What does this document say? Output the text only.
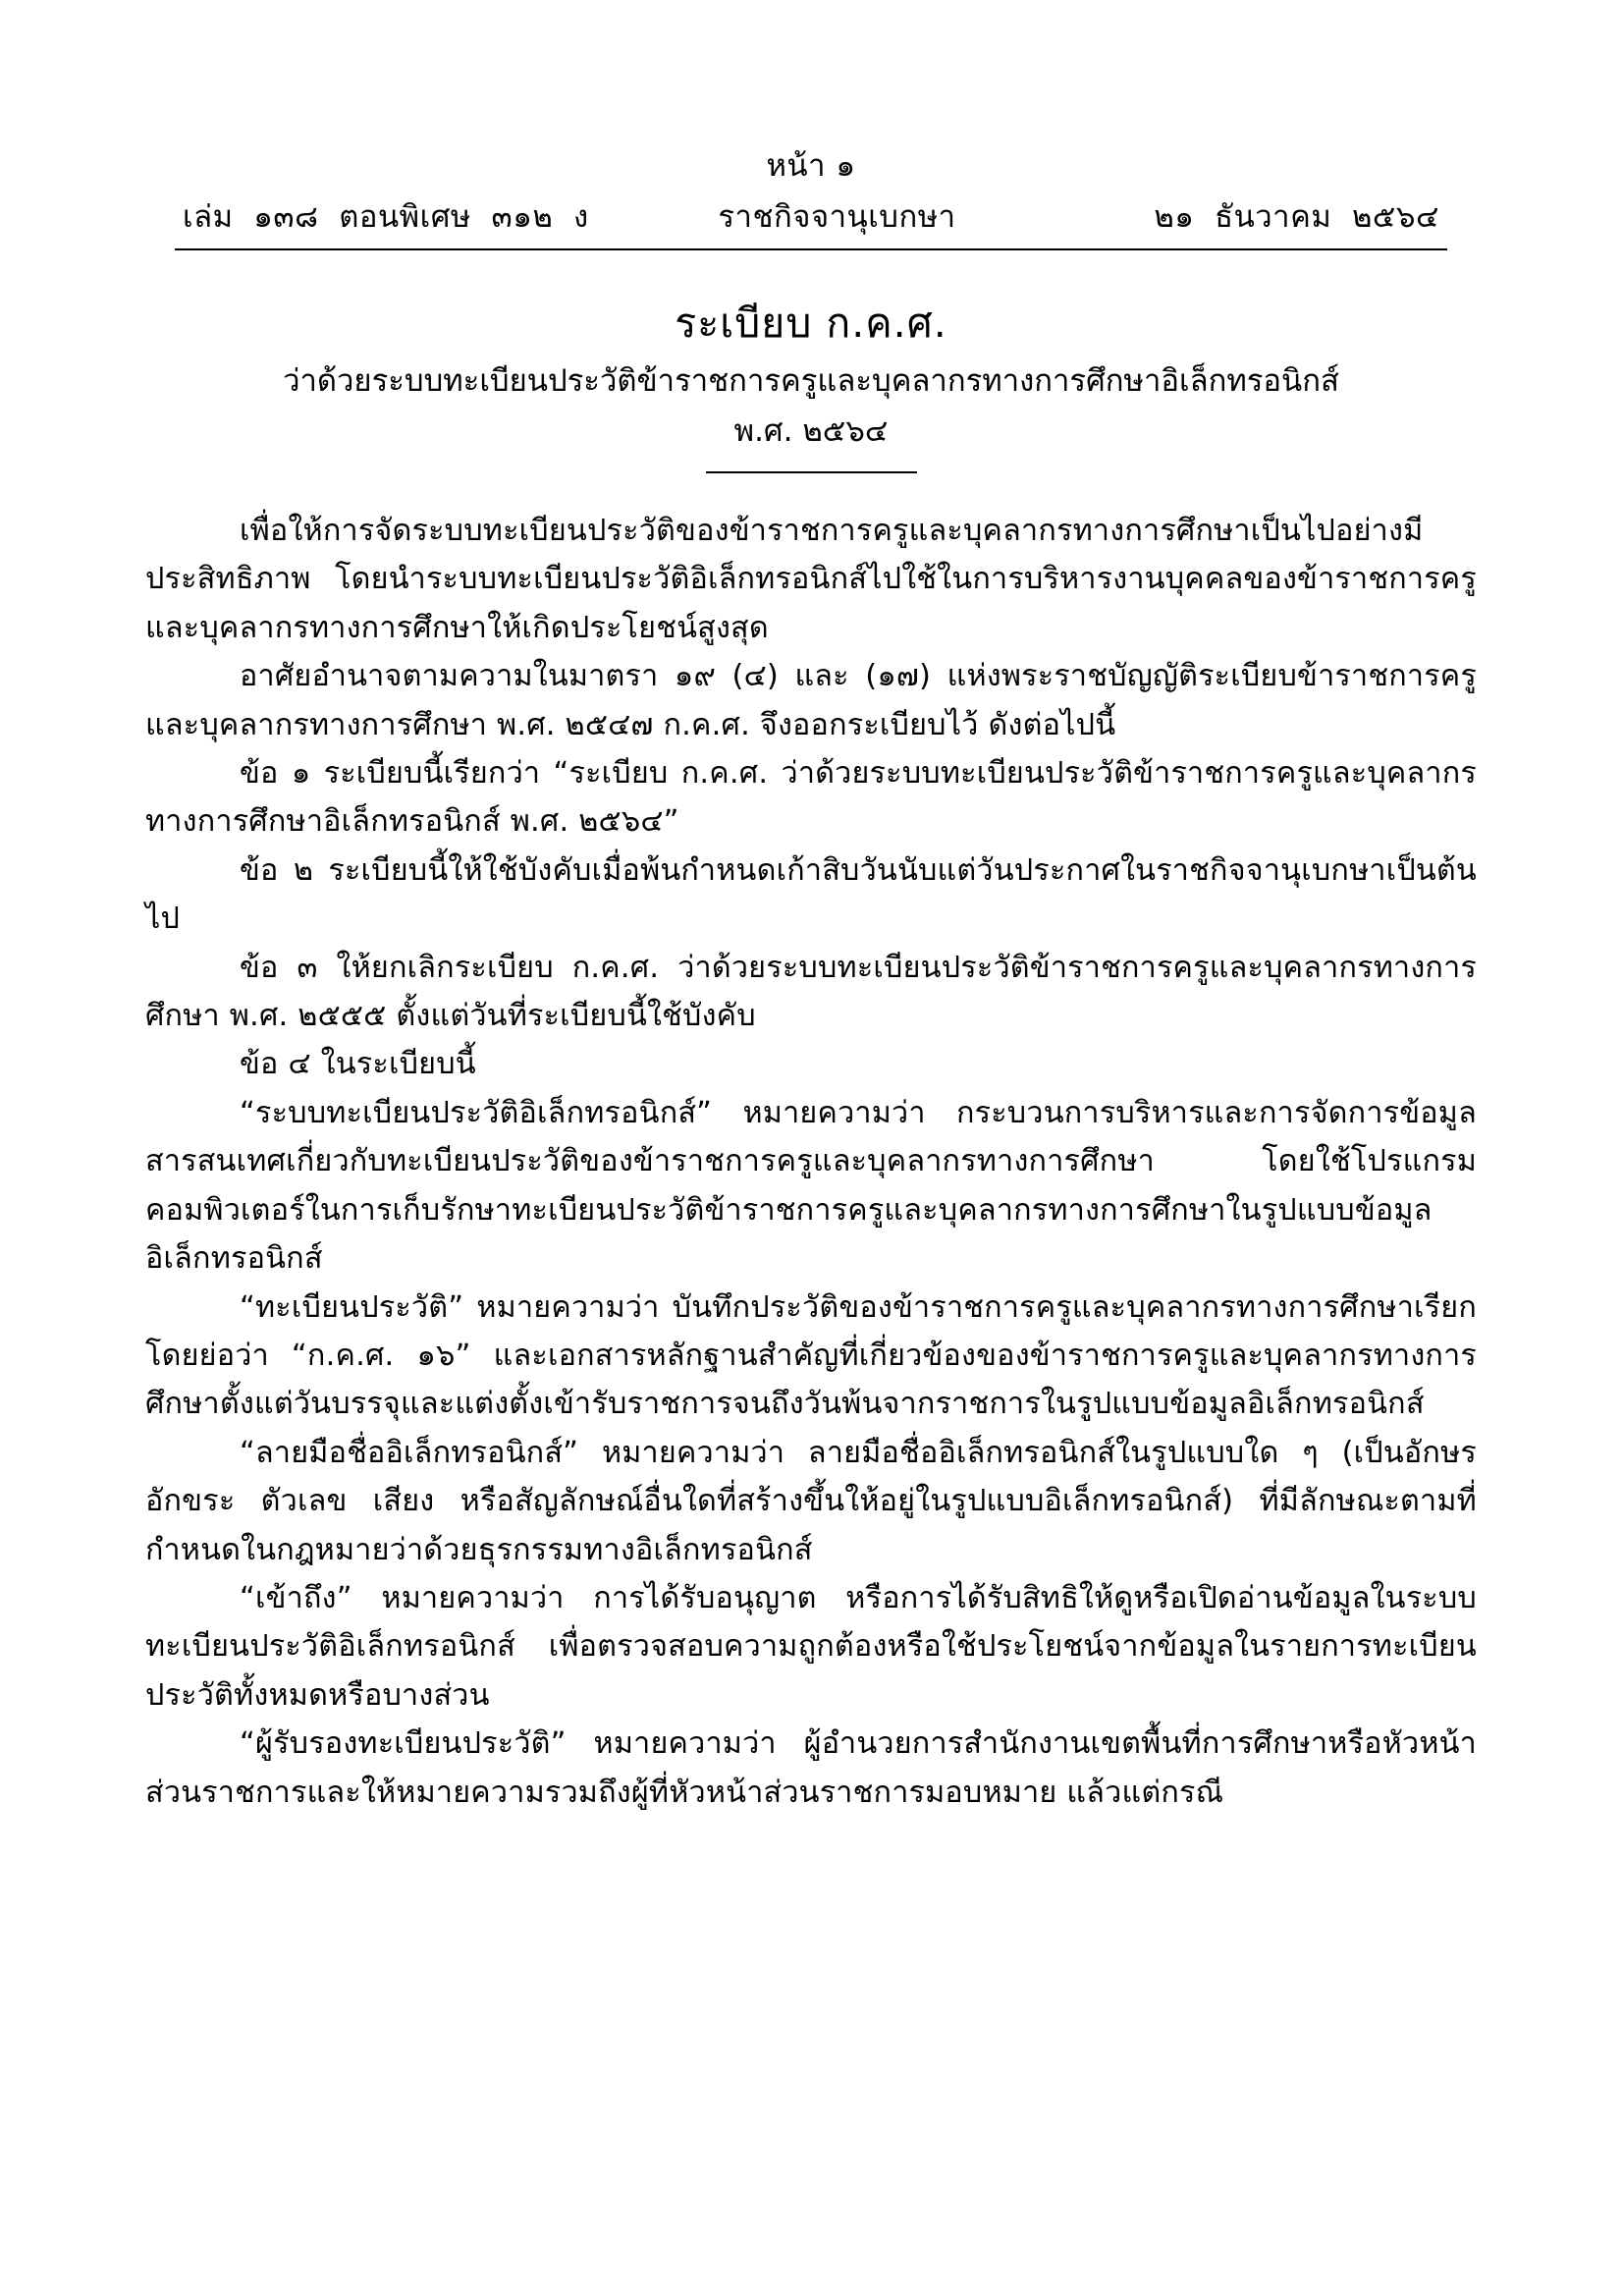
หน้า ๑
เล่ม  ๑๓๘  ตอนพิเศษ  ๓๑๒  ง	ราชกิจจานุเบกษา	๒๑  ธันวาคม  ๒๕๖๔
ระเบียบ ก.ค.ศ.
ว่าด้วยระบบทะเบียนประวัติข้าราชการครูและบุคลากรทางการศึกษาอิเล็กทรอนิกส์
พ.ศ. ๒๕๖๔

เพื่อให้การจัดระบบทะเบียนประวัติของข้าราชการครูและบุคลากรทางการศึกษาเป็นไปอย่างมีประสิทธิภาพ โดยนำระบบทะเบียนประวัติอิเล็กทรอนิกส์ไปใช้ในการบริหารงานบุคคลของข้าราชการครูและบุคลากรทางการศึกษาให้เกิดประโยชน์สูงสุด

อาศัยอำนาจตามความในมาตรา ๑๙ (๔) และ (๑๗) แห่งพระราชบัญญัติระเบียบข้าราชการครูและบุคลากรทางการศึกษา พ.ศ. ๒๕๔๗ ก.ค.ศ. จึงออกระเบียบไว้ ดังต่อไปนี้

ข้อ ๑ ระเบียบนี้เรียกว่า “ระเบียบ ก.ค.ศ. ว่าด้วยระบบทะเบียนประวัติข้าราชการครูและบุคลากรทางการศึกษาอิเล็กทรอนิกส์ พ.ศ. ๒๕๖๔”

ข้อ ๒ ระเบียบนี้ให้ใช้บังคับเมื่อพ้นกำหนดเก้าสิบวันนับแต่วันประกาศในราชกิจจานุเบกษาเป็นต้นไป

ข้อ ๓ ให้ยกเลิกระเบียบ ก.ค.ศ. ว่าด้วยระบบทะเบียนประวัติข้าราชการครูและบุคลากรทางการศึกษา พ.ศ. ๒๕๕๕ ตั้งแต่วันที่ระเบียบนี้ใช้บังคับ

ข้อ ๔ ในระเบียบนี้

“ระบบทะเบียนประวัติอิเล็กทรอนิกส์” หมายความว่า กระบวนการบริหารและการจัดการข้อมูลสารสนเทศเกี่ยวกับทะเบียนประวัติของข้าราชการครูและบุคลากรทางการศึกษา โดยใช้โปรแกรมคอมพิวเตอร์ในการเก็บรักษาทะเบียนประวัติข้าราชการครูและบุคลากรทางการศึกษาในรูปแบบข้อมูลอิเล็กทรอนิกส์

“ทะเบียนประวัติ” หมายความว่า บันทึกประวัติของข้าราชการครูและบุคลากรทางการศึกษาเรียกโดยย่อว่า “ก.ค.ศ. ๑๖” และเอกสารหลักฐานสำคัญที่เกี่ยวข้องของข้าราชการครูและบุคลากรทางการศึกษาตั้งแต่วันบรรจุและแต่งตั้งเข้ารับราชการจนถึงวันพ้นจากราชการในรูปแบบข้อมูลอิเล็กทรอนิกส์

“ลายมือชื่ออิเล็กทรอนิกส์” หมายความว่า ลายมือชื่ออิเล็กทรอนิกส์ในรูปแบบใด ๆ (เป็นอักษร อักขระ ตัวเลข เสียง หรือสัญลักษณ์อื่นใดที่สร้างขึ้นให้อยู่ในรูปแบบอิเล็กทรอนิกส์) ที่มีลักษณะตามที่กำหนดในกฎหมายว่าด้วยธุรกรรมทางอิเล็กทรอนิกส์

“เข้าถึง” หมายความว่า การได้รับอนุญาต หรือการได้รับสิทธิให้ดูหรือเปิดอ่านข้อมูลในระบบทะเบียนประวัติอิเล็กทรอนิกส์ เพื่อตรวจสอบความถูกต้องหรือใช้ประโยชน์จากข้อมูลในรายการทะเบียนประวัติทั้งหมดหรือบางส่วน

“ผู้รับรองทะเบียนประวัติ” หมายความว่า ผู้อำนวยการสำนักงานเขตพื้นที่การศึกษาหรือหัวหน้าส่วนราชการและให้หมายความรวมถึงผู้ที่หัวหน้าส่วนราชการมอบหมาย แล้วแต่กรณี
